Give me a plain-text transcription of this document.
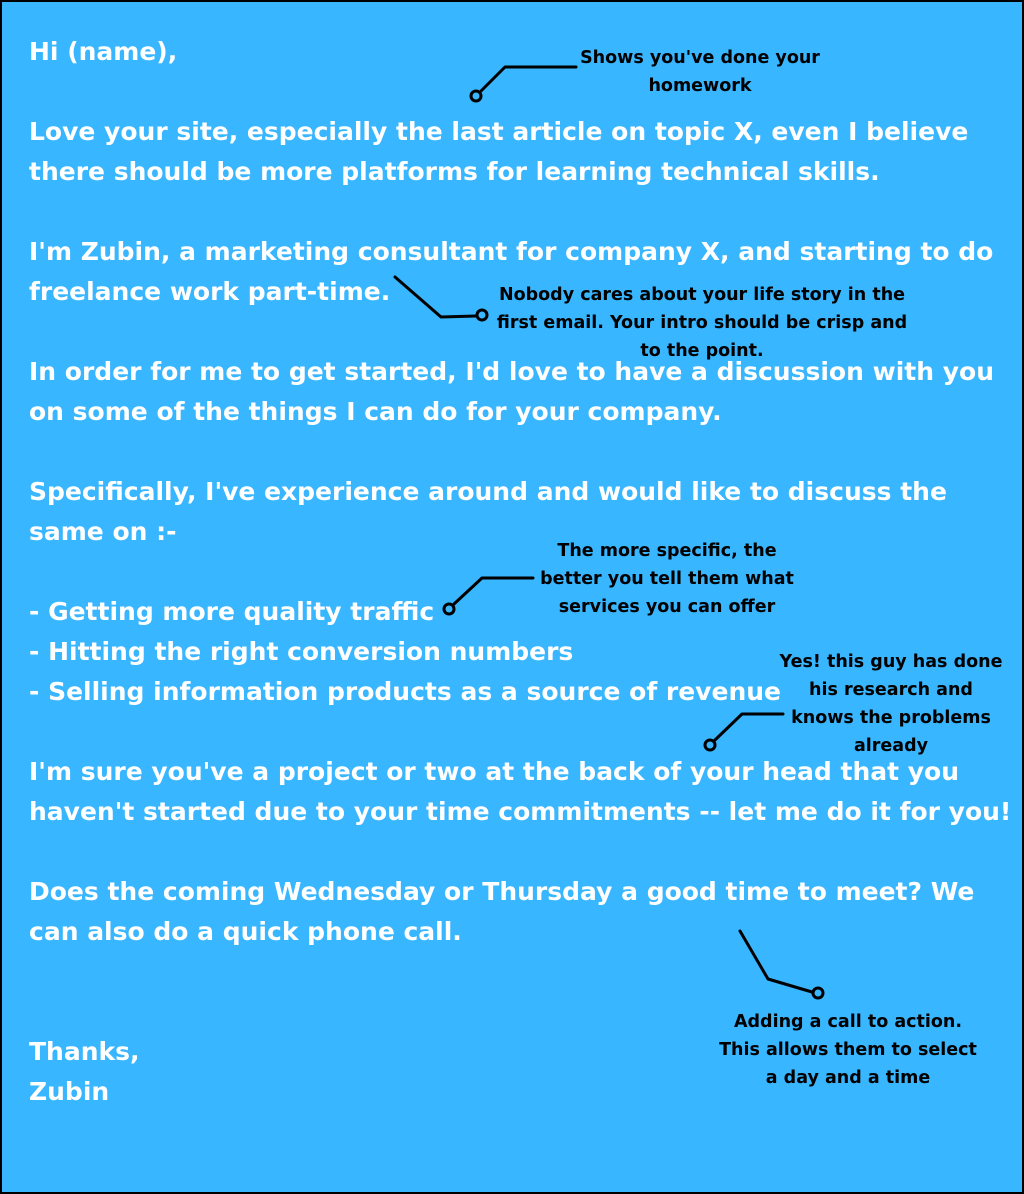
Hi (name),

Love your site, especially the last article on topic X, even I believe

there should be more platforms for learning technical skills.

I'm Zubin, a marketing consultant for company X, and starting to do

freelance work part-time.

In order for me to get started, I'd love to have a discussion with you

on some of the things I can do for your company.

Specifically, I've experience around and would like to discuss the

same on :-

- Getting more quality traffic

- Hitting the right conversion numbers

- Selling information products as a source of revenue

I'm sure you've a project or two at the back of your head that you

haven't started due to your time commitments -- let me do it for you!

Does the coming Wednesday or Thursday a good time to meet? We

can also do a quick phone call.

Thanks,

Zubin

Shows you've done your
homework
Nobody cares about your life story in the
first email. Your intro should be crisp and
to the point.
The more specific, the
better you tell them what
services you can offer
Yes! this guy has done
his research and
knows the problems
already
Adding a call to action.
This allows them to select
a day and a time
